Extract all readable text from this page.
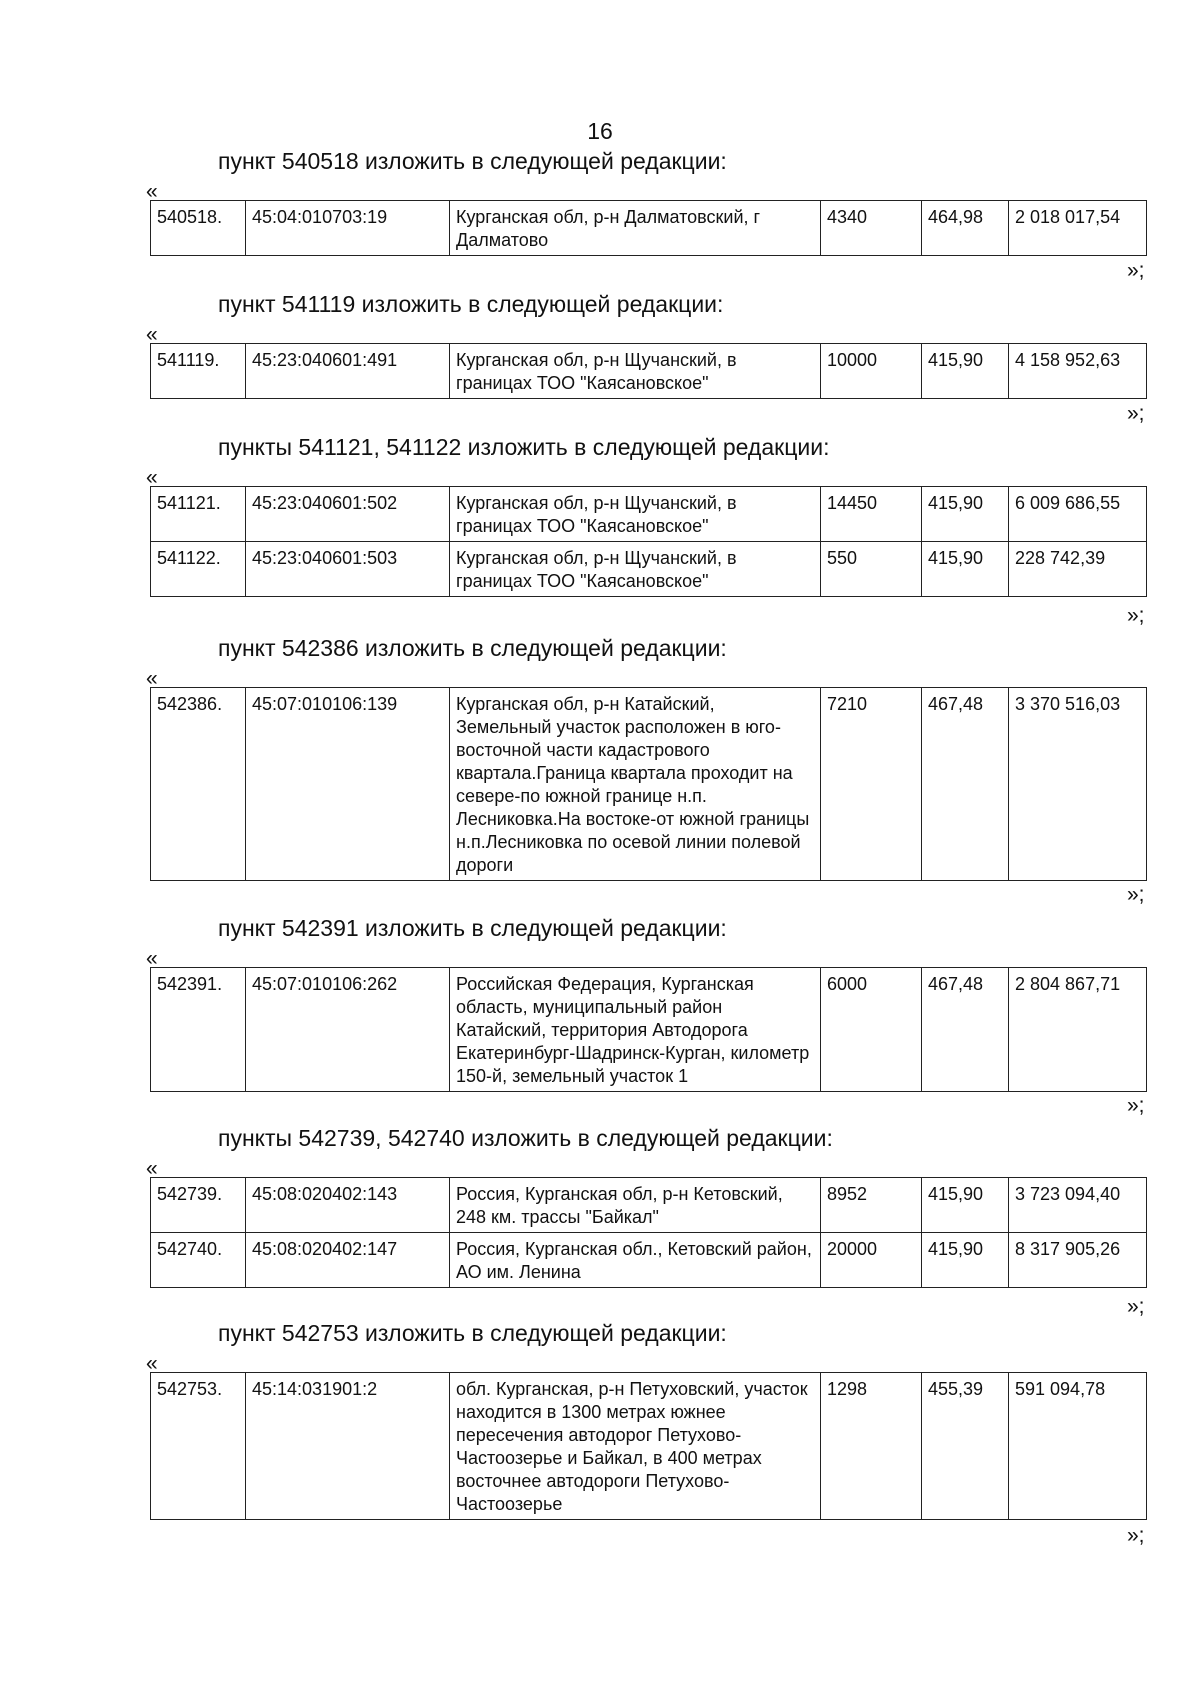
16
пункт 540518 изложить в следующей редакции:
«
540518.	45:04:010703:19	Курганская обл, р-н Далматовский, г Далматово	4340	464,98	2 018 017,54
»;
пункт 541119 изложить в следующей редакции:
«
541119.	45:23:040601:491	Курганская обл, р-н Щучанский, в границах ТОО "Каясановское"	10000	415,90	4 158 952,63
»;
пункты 541121, 541122 изложить в следующей редакции:
«
541121.	45:23:040601:502	Курганская обл, р-н Щучанский, в границах ТОО "Каясановское"	14450	415,90	6 009 686,55
541122.	45:23:040601:503	Курганская обл, р-н Щучанский, в границах ТОО "Каясановское"	550	415,90	228 742,39
»;
пункт 542386 изложить в следующей редакции:
«
542386.	45:07:010106:139	Курганская обл, р-н Катайский, Земельный участок расположен в юго-восточной части кадастрового квартала.Граница квартала проходит на севере-по южной границе н.п. Лесниковка.На востоке-от южной границы н.п.Лесниковка по осевой линии полевой дороги	7210	467,48	3 370 516,03
»;
пункт 542391 изложить в следующей редакции:
«
542391.	45:07:010106:262	Российская Федерация, Курганская область, муниципальный район Катайский, территория Автодорога Екатеринбург-Шадринск-Курган, километр 150-й, земельный участок 1	6000	467,48	2 804 867,71
»;
пункты 542739, 542740 изложить в следующей редакции:
«
542739.	45:08:020402:143	Россия, Курганская обл, р-н Кетовский, 248 км. трассы "Байкал"	8952	415,90	3 723 094,40
542740.	45:08:020402:147	Россия, Курганская обл., Кетовский район, АО им. Ленина	20000	415,90	8 317 905,26
»;
пункт 542753 изложить в следующей редакции:
«
542753.	45:14:031901:2	обл. Курганская, р-н Петуховский, участок находится в 1300 метрах южнее пересечения автодорог Петухово-Частоозерье и Байкал, в 400 метрах восточнее автодороги Петухово-Частоозерье	1298	455,39	591 094,78
»;
